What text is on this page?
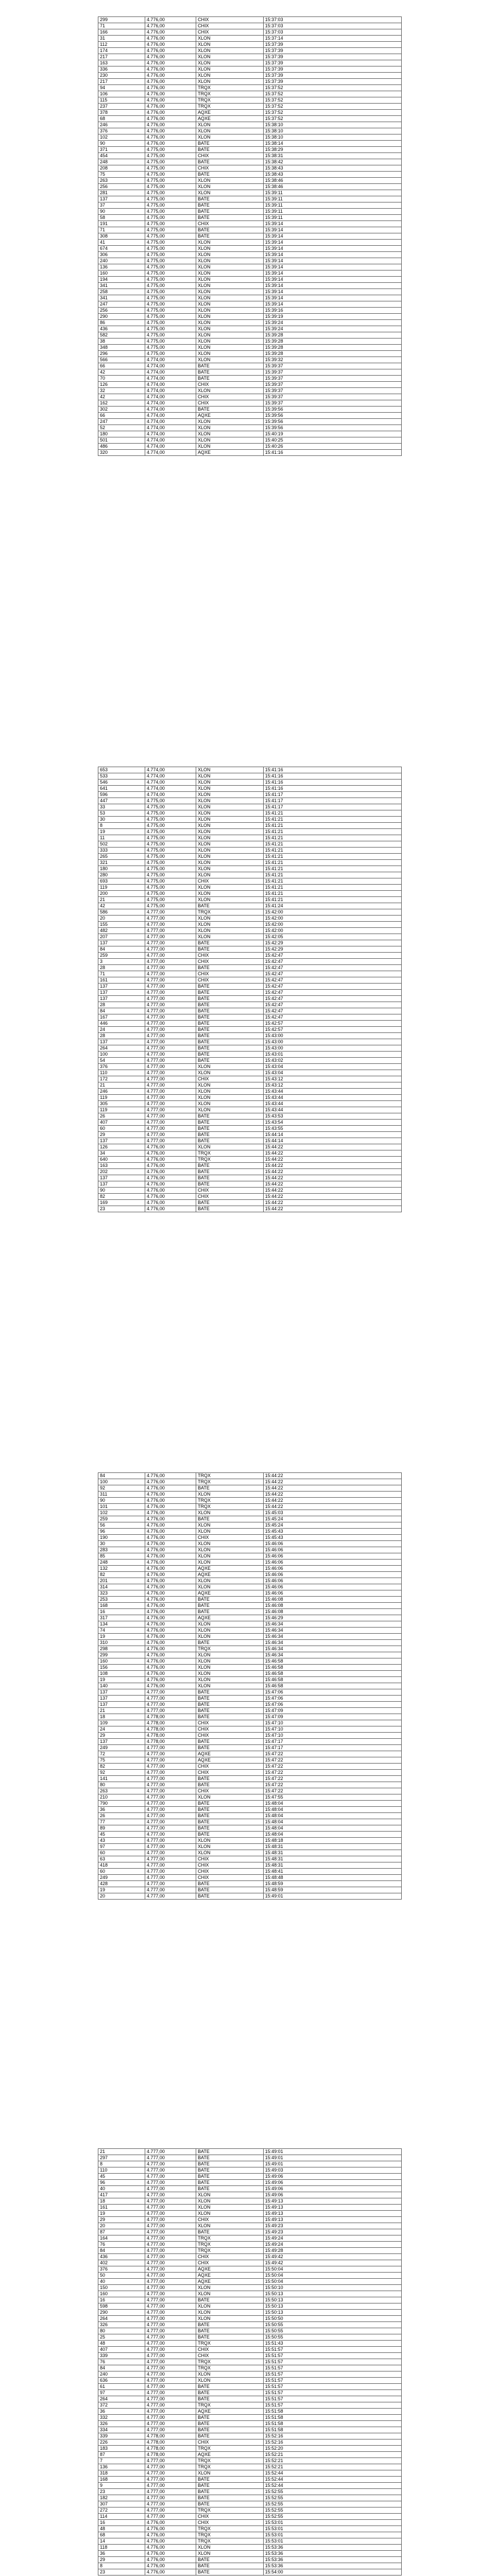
299	4.776,00	CHIX	15:37:03
71	4.776,00	CHIX	15:37:03
166	4.776,00	CHIX	15:37:03
31	4.776,00	XLON	15:37:14
112	4.776,00	XLON	15:37:39
174	4.776,00	XLON	15:37:39
217	4.776,00	XLON	15:37:39
163	4.776,00	XLON	15:37:39
336	4.776,00	XLON	15:37:39
230	4.776,00	XLON	15:37:39
217	4.776,00	XLON	15:37:39
94	4.776,00	TRQX	15:37:52
106	4.776,00	TRQX	15:37:52
115	4.776,00	TRQX	15:37:52
237	4.776,00	TRQX	15:37:52
378	4.776,00	AQXE	15:37:52
68	4.776,00	AQXE	15:37:52
246	4.776,00	XLON	15:38:10
376	4.776,00	XLON	15:38:10
102	4.776,00	XLON	15:38:10
90	4.776,00	BATE	15:38:14
371	4.775,00	BATE	15:38:29
454	4.775,00	CHIX	15:38:31
248	4.775,00	BATE	15:38:42
208	4.775,00	CHIX	15:38:43
75	4.775,00	BATE	15:38:43
263	4.775,00	XLON	15:38:46
256	4.775,00	XLON	15:38:46
281	4.775,00	XLON	15:39:11
137	4.775,00	BATE	15:39:11
37	4.775,00	BATE	15:39:11
90	4.775,00	BATE	15:39:11
58	4.775,00	BATE	15:39:11
191	4.775,00	CHIX	15:39:14
71	4.775,00	BATE	15:39:14
308	4.775,00	BATE	15:39:14
41	4.775,00	XLON	15:39:14
674	4.775,00	XLON	15:39:14
306	4.775,00	XLON	15:39:14
240	4.775,00	XLON	15:39:14
136	4.775,00	XLON	15:39:14
160	4.775,00	XLON	15:39:14
194	4.775,00	XLON	15:39:14
341	4.775,00	XLON	15:39:14
258	4.775,00	XLON	15:39:14
341	4.775,00	XLON	15:39:14
247	4.775,00	XLON	15:39:14
256	4.775,00	XLON	15:39:16
290	4.775,00	XLON	15:39:19
86	4.775,00	XLON	15:39:24
436	4.775,00	XLON	15:39:24
582	4.775,00	XLON	15:39:28
38	4.775,00	XLON	15:39:28
348	4.775,00	XLON	15:39:28
296	4.775,00	XLON	15:39:28
566	4.774,00	XLON	15:39:32
66	4.774,00	BATE	15:39:37
42	4.774,00	BATE	15:39:37
70	4.774,00	BATE	15:39:37
126	4.774,00	CHIX	15:39:37
32	4.774,00	XLON	15:39:37
42	4.774,00	CHIX	15:39:37
162	4.774,00	CHIX	15:39:37
302	4.774,00	BATE	15:39:56
66	4.774,00	AQXE	15:39:56
247	4.774,00	XLON	15:39:56
52	4.774,00	XLON	15:39:56
180	4.774,00	XLON	15:40:19
501	4.774,00	XLON	15:40:25
486	4.774,00	XLON	15:40:26
320	4.774,00	AQXE	15:41:16
653	4.774,00	XLON	15:41:16
533	4.774,00	XLON	15:41:16
546	4.774,00	XLON	15:41:16
641	4.774,00	XLON	15:41:16
596	4.774,00	XLON	15:41:17
447	4.775,00	XLON	15:41:17
33	4.775,00	XLON	15:41:17
53	4.775,00	XLON	15:41:21
30	4.775,00	XLON	15:41:21
8	4.775,00	XLON	15:41:21
19	4.775,00	XLON	15:41:21
11	4.775,00	XLON	15:41:21
502	4.775,00	XLON	15:41:21
333	4.775,00	XLON	15:41:21
265	4.775,00	XLON	15:41:21
321	4.775,00	XLON	15:41:21
180	4.775,00	XLON	15:41:21
280	4.775,00	XLON	15:41:21
693	4.775,00	CHIX	15:41:21
119	4.775,00	XLON	15:41:21
200	4.775,00	XLON	15:41:21
21	4.775,00	XLON	15:41:21
42	4.775,00	BATE	15:41:24
586	4.777,00	TRQX	15:42:00
20	4.777,00	XLON	15:42:00
155	4.777,00	XLON	15:42:00
482	4.777,00	XLON	15:42:00
207	4.777,00	XLON	15:42:05
137	4.777,00	BATE	15:42:29
84	4.777,00	BATE	15:42:29
259	4.777,00	CHIX	15:42:47
3	4.777,00	CHIX	15:42:47
28	4.777,00	BATE	15:42:47
71	4.777,00	CHIX	15:42:47
161	4.777,00	CHIX	15:42:47
137	4.777,00	BATE	15:42:47
137	4.777,00	BATE	15:42:47
137	4.777,00	BATE	15:42:47
28	4.777,00	BATE	15:42:47
84	4.777,00	BATE	15:42:47
167	4.777,00	BATE	15:42:47
446	4.777,00	BATE	15:42:57
24	4.777,00	BATE	15:42:57
28	4.777,00	BATE	15:43:00
137	4.777,00	BATE	15:43:00
264	4.777,00	BATE	15:43:00
100	4.777,00	BATE	15:43:01
54	4.777,00	BATE	15:43:02
376	4.777,00	XLON	15:43:04
110	4.777,00	XLON	15:43:04
172	4.777,00	CHIX	15:43:12
21	4.777,00	XLON	15:43:12
246	4.777,00	XLON	15:43:44
119	4.777,00	XLON	15:43:44
305	4.777,00	XLON	15:43:44
119	4.777,00	XLON	15:43:44
26	4.777,00	BATE	15:43:53
407	4.777,00	BATE	15:43:54
60	4.777,00	BATE	15:43:55
29	4.777,00	BATE	15:44:14
137	4.777,00	BATE	15:44:14
126	4.776,00	XLON	15:44:22
34	4.776,00	TRQX	15:44:22
640	4.776,00	TRQX	15:44:22
163	4.776,00	BATE	15:44:22
202	4.776,00	BATE	15:44:22
137	4.776,00	BATE	15:44:22
137	4.776,00	BATE	15:44:22
90	4.776,00	CHIX	15:44:22
82	4.776,00	CHIX	15:44:22
169	4.776,00	BATE	15:44:22
23	4.776,00	BATE	15:44:22
84	4.776,00	TRQX	15:44:22
100	4.776,00	TRQX	15:44:22
92	4.776,00	BATE	15:44:22
311	4.776,00	XLON	15:44:22
90	4.776,00	TRQX	15:44:22
101	4.776,00	TRQX	15:44:22
102	4.776,00	XLON	15:45:03
259	4.776,00	BATE	15:45:24
56	4.776,00	XLON	15:45:24
96	4.776,00	XLON	15:45:43
190	4.776,00	CHIX	15:45:43
30	4.776,00	XLON	15:46:06
283	4.776,00	XLON	15:46:06
85	4.776,00	XLON	15:46:06
248	4.776,00	XLON	15:46:06
132	4.776,00	AQXE	15:46:06
82	4.776,00	AQXE	15:46:06
201	4.776,00	XLON	15:46:06
314	4.776,00	XLON	15:46:06
323	4.776,00	AQXE	15:46:06
253	4.776,00	BATE	15:46:08
168	4.776,00	BATE	15:46:08
16	4.776,00	BATE	15:46:08
317	4.776,00	AQXE	15:46:29
134	4.776,00	XLON	15:46:34
74	4.776,00	XLON	15:46:34
19	4.776,00	XLON	15:46:34
310	4.776,00	BATE	15:46:34
298	4.776,00	TRQX	15:46:34
299	4.776,00	XLON	15:46:34
160	4.776,00	XLON	15:46:58
156	4.776,00	XLON	15:46:58
108	4.776,00	XLON	15:46:58
19	4.776,00	XLON	15:46:58
140	4.776,00	XLON	15:46:58
137	4.777,00	BATE	15:47:06
137	4.777,00	BATE	15:47:06
137	4.777,00	BATE	15:47:06
21	4.777,00	BATE	15:47:09
18	4.778,00	BATE	15:47:09
109	4.778,00	CHIX	15:47:10
24	4.778,00	CHIX	15:47:10
29	4.778,00	CHIX	15:47:10
137	4.778,00	BATE	15:47:17
249	4.777,00	BATE	15:47:17
72	4.777,00	AQXE	15:47:22
75	4.777,00	AQXE	15:47:22
82	4.777,00	CHIX	15:47:22
92	4.777,00	CHIX	15:47:22
141	4.777,00	BATE	15:47:22
80	4.777,00	BATE	15:47:22
263	4.777,00	CHIX	15:47:22
210	4.777,00	XLON	15:47:55
790	4.777,00	BATE	15:48:04
36	4.777,00	BATE	15:48:04
26	4.777,00	BATE	15:48:04
77	4.777,00	BATE	15:48:04
89	4.777,00	BATE	15:48:04
45	4.777,00	BATE	15:48:04
43	4.777,00	XLON	15:48:18
97	4.777,00	XLON	15:48:31
60	4.777,00	XLON	15:48:31
63	4.777,00	CHIX	15:48:31
418	4.777,00	CHIX	15:48:31
60	4.777,00	CHIX	15:48:41
249	4.777,00	CHIX	15:48:48
428	4.777,00	BATE	15:48:59
19	4.777,00	BATE	15:48:59
20	4.777,00	BATE	15:49:01
21	4.777,00	BATE	15:49:01
297	4.777,00	BATE	15:49:01
8	4.777,00	BATE	15:49:01
110	4.777,00	BATE	15:49:03
45	4.777,00	BATE	15:49:06
96	4.777,00	BATE	15:49:06
40	4.777,00	BATE	15:49:06
417	4.777,00	XLON	15:49:06
18	4.777,00	XLON	15:49:13
161	4.777,00	XLON	15:49:13
19	4.777,00	XLON	15:49:13
29	4.777,00	CHIX	15:49:13
20	4.777,00	XLON	15:49:23
87	4.777,00	BATE	15:49:23
164	4.777,00	TRQX	15:49:24
76	4.777,00	TRQX	15:49:24
84	4.777,00	TRQX	15:49:28
436	4.777,00	CHIX	15:49:42
402	4.777,00	CHIX	15:49:42
376	4.777,00	AQXE	15:50:04
50	4.777,00	AQXE	15:50:04
40	4.777,00	AQXE	15:50:04
150	4.777,00	XLON	15:50:10
160	4.777,00	XLON	15:50:13
16	4.777,00	BATE	15:50:13
598	4.777,00	XLON	15:50:13
290	4.777,00	XLON	15:50:13
264	4.777,00	XLON	15:50:50
326	4.777,00	BATE	15:50:55
80	4.777,00	BATE	15:50:55
25	4.777,00	BATE	15:50:55
48	4.777,00	TRQX	15:51:43
407	4.777,00	CHIX	15:51:57
339	4.777,00	CHIX	15:51:57
76	4.777,00	TRQX	15:51:57
84	4.777,00	TRQX	15:51:57
240	4.777,00	XLON	15:51:57
636	4.777,00	XLON	15:51:57
61	4.777,00	BATE	15:51:57
97	4.777,00	BATE	15:51:57
264	4.777,00	BATE	15:51:57
372	4.777,00	TRQX	15:51:57
36	4.777,00	AQXE	15:51:58
332	4.777,00	BATE	15:51:58
326	4.777,00	BATE	15:51:58
334	4.777,00	BATE	15:51:58
339	4.778,00	BATE	15:52:16
226	4.778,00	CHIX	15:52:16
183	4.778,00	TRQX	15:52:20
87	4.778,00	AQXE	15:52:21
7	4.777,00	TRQX	15:52:21
136	4.777,00	TRQX	15:52:21
318	4.777,00	XLON	15:52:44
168	4.777,00	BATE	15:52:44
9	4.777,00	BATE	15:52:44
23	4.777,00	BATE	15:52:55
182	4.777,00	BATE	15:52:55
307	4.777,00	BATE	15:52:55
272	4.777,00	TRQX	15:52:55
114	4.777,00	CHIX	15:52:55
16	4.776,00	CHIX	15:53:01
48	4.776,00	TRQX	15:53:01
68	4.776,00	TRQX	15:53:01
14	4.776,00	TRQX	15:53:01
118	4.776,00	XLON	15:53:36
36	4.776,00	XLON	15:53:36
29	4.776,00	BATE	15:53:36
8	4.776,00	BATE	15:53:36
23	4.776,00	BATE	15:54:00
